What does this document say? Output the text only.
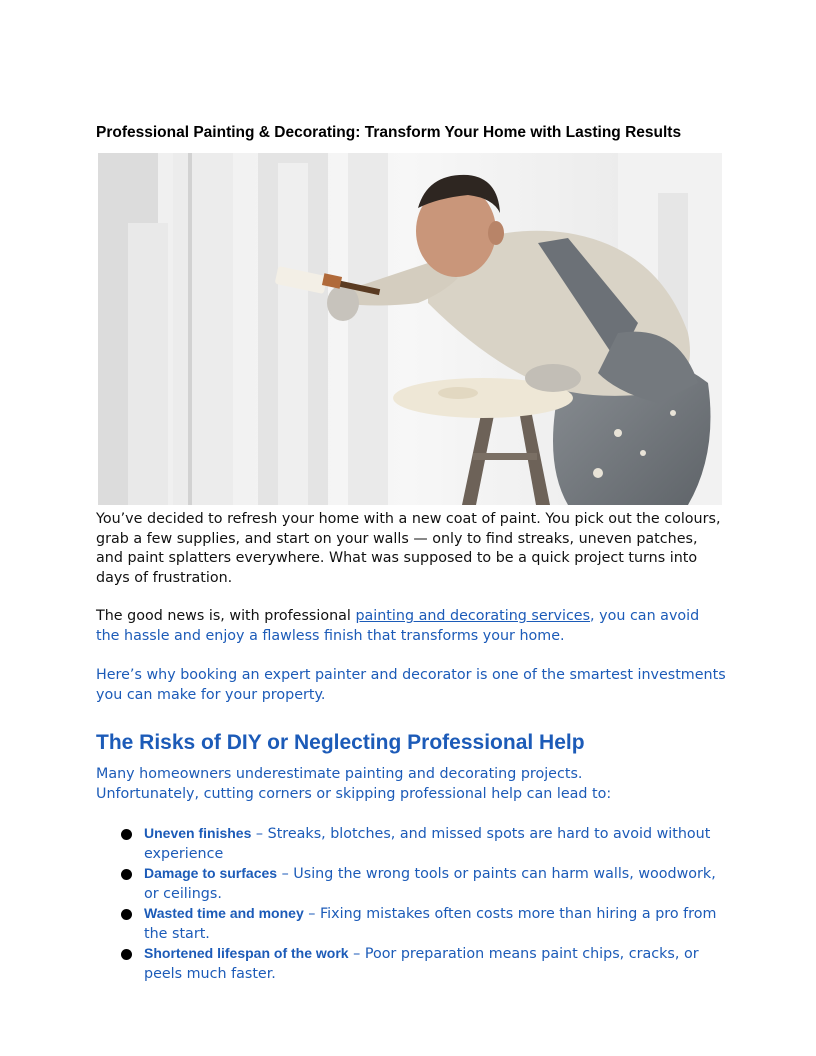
Professional Painting & Decorating: Transform Your Home with Lasting Results
You’ve decided to refresh your home with a new coat of paint. You pick out the colours, grab a few supplies, and start on your walls — only to find streaks, uneven patches, and paint splatters everywhere. What was supposed to be a quick project turns into days of frustration.
The good news is, with professional painting and decorating services, you can avoid the hassle and enjoy a flawless finish that transforms your home.
Here’s why booking an expert painter and decorator is one of the smartest investments you can make for your property.
The Risks of DIY or Neglecting Professional Help
Many homeowners underestimate painting and decorating projects.
Unfortunately, cutting corners or skipping professional help can lead to:
Uneven finishes – Streaks, blotches, and missed spots are hard to avoid without experience
Damage to surfaces – Using the wrong tools or paints can harm walls, woodwork, or ceilings.
Wasted time and money – Fixing mistakes often costs more than hiring a pro from the start.
Shortened lifespan of the work – Poor preparation means paint chips, cracks, or peels much faster.
